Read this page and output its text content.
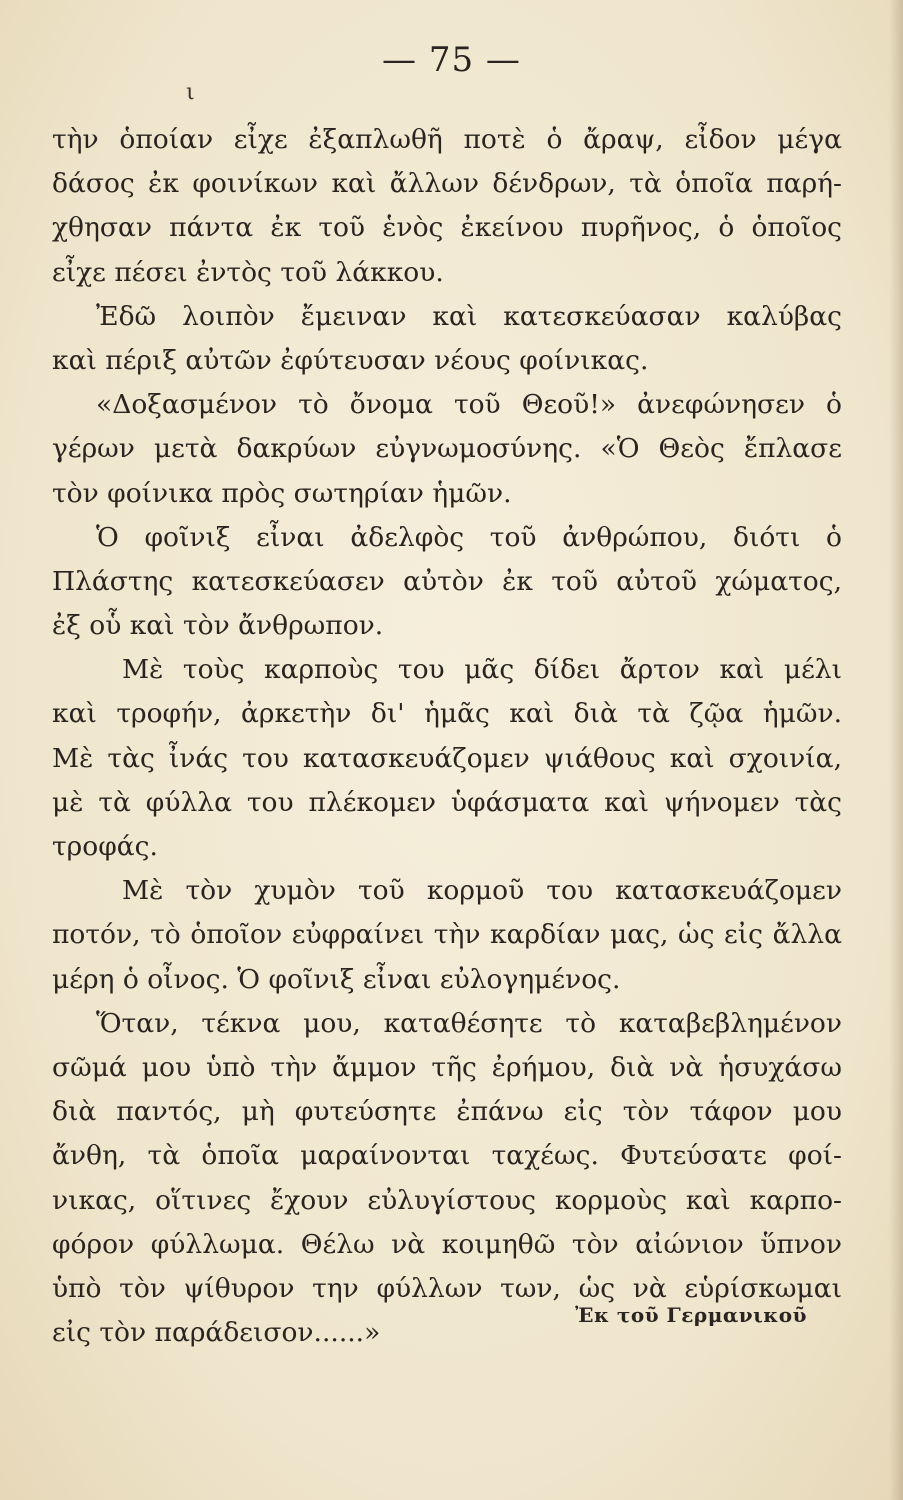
— 75 —
ι
τὴν ὁποίαν εἶχε ἐξαπλωθῆ ποτὲ ὁ ἄραψ, εἶδον μέγα
δάσος ἐκ φοινίκων καὶ ἄλλων δένδρων, τὰ ὁποῖα παρή-
χθησαν πάντα ἐκ τοῦ ἑνὸς ἐκείνου πυρῆνος, ὁ ὁποῖος
εἶχε πέσει ἐντὸς τοῦ λάκκου.
Ἐδῶ λοιπὸν ἔμειναν καὶ κατεσκεύασαν καλύβας
καὶ πέριξ αὐτῶν ἐφύτευσαν νέους φοίνικας.
«Δοξασμένον τὸ ὄνομα τοῦ Θεοῦ!» ἀνεφώνησεν ὁ
γέρων μετὰ δακρύων εὐγνωμοσύνης. «Ὁ Θεὸς ἔπλασε
τὸν φοίνικα πρὸς σωτηρίαν ἡμῶν.
Ὁ φοῖνιξ εἶναι ἀδελφὸς τοῦ ἀνθρώπου, διότι ὁ
Πλάστης κατεσκεύασεν αὐτὸν ἐκ τοῦ αὐτοῦ χώματος,
ἐξ οὗ καὶ τὸν ἄνθρωπον.
Μὲ τοὺς καρποὺς του μᾶς δίδει ἄρτον καὶ μέλι
καὶ τροφήν, ἀρκετὴν δι' ἡμᾶς καὶ διὰ τὰ ζῷα ἡμῶν.
Μὲ τὰς ἶνάς του κατασκευάζομεν ψιάθους καὶ σχοινία,
μὲ τὰ φύλλα του πλέκομεν ὑφάσματα καὶ ψήνομεν τὰς
τροφάς.
Μὲ τὸν χυμὸν τοῦ κορμοῦ του κατασκευάζομεν
ποτόν, τὸ ὁποῖον εὐφραίνει τὴν καρδίαν μας, ὡς εἰς ἄλλα
μέρη ὁ οἶνος. Ὁ φοῖνιξ εἶναι εὐλογημένος.
Ὅταν, τέκνα μου, καταθέσητε τὸ καταβεβλημένον
σῶμά μου ὑπὸ τὴν ἄμμον τῆς ἐρήμου, διὰ νὰ ἡσυχάσω
διὰ παντός, μὴ φυτεύσητε ἐπάνω εἰς τὸν τάφον μου
ἄνθη, τὰ ὁποῖα μαραίνονται ταχέως. Φυτεύσατε φοί-
νικας, οἵτινες ἔχουν εὐλυγίστους κορμοὺς καὶ καρπο-
φόρον φύλλωμα. Θέλω νὰ κοιμηθῶ τὸν αἰώνιον ὕπνον
ὑπὸ τὸν ψίθυρον την φύλλων των, ὡς νὰ εὑρίσκωμαι
εἰς τὸν παράδεισον......»
Ἐκ τοῦ Γερμανικοῦ
